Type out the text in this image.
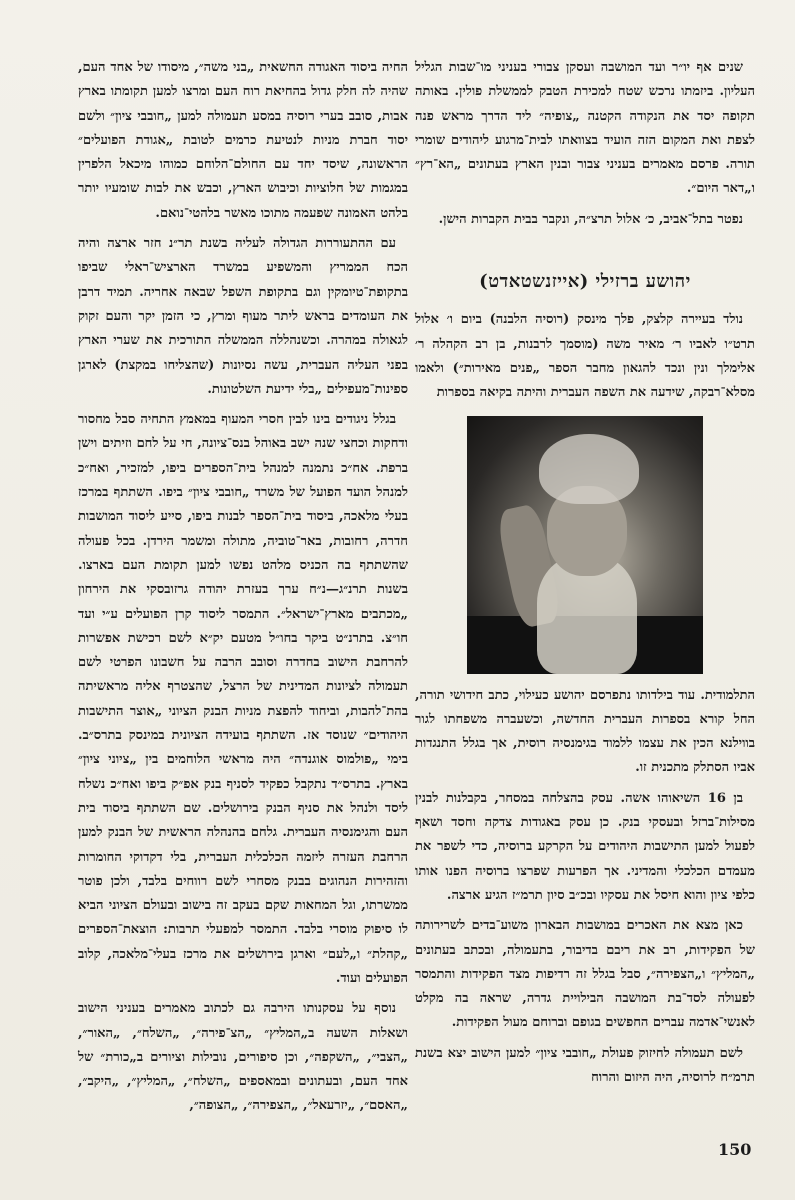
שנים אף יו״ר ועד המושבה ועסקן צבורי בעניני מו־שבות הגליל העליון. ביזמתו נרכש שטח למכירת הטבק לממשלת פולין. באותה תקופה יסד את הנקודה הקטנה „צופיה״ ליד הדרך מראש פנה לצפת ואת המקום הזה הועיד בצוואתו לבית־מרגוע ליהודים שומרי תורה. פרסם מאמרים בעניני צבור ובנין הארץ בעתונים „הא־רץ״ ו„דאר היום״.

נפטר בתל־אביב, כ׳ אלול תרצ״ה, ונקבר בבית הקברות הישן.

יהושע ברזילי (אייזנשטאדט)

נולד בעיירה קלצק, פלך מינסק (רוסיה הלבנה) ביום ו׳ אלול תרט״ו לאביו ר׳ מאיר משה (מוסמך לרבנות, בן רב הקהלה ר׳ אלימלך ונין ונכד להגאון מחבר הספר „פנים מאירות״) ולאמו מסלא־רבקה, שידעה את השפה העברית והיתה בקיאה בספרות

התלמודית. עוד בילדותו נתפרסם יהושע כעילוי, כתב חידושי תורה, החל קורא בספרות העברית החדשה, וכשעברה משפחתו לגור בווילנא הכין את עצמו ללמוד בגימנסיה רוסית, אך בגלל התנגדות אביו הסתלק מתכנית זו.

בן 16 השיאוהו אשה. עסק בהצלחה במסחר, בקבלנות לבנין מסילות־ברזל ובעסקי בנק. כן עסק באגודות צדקה וחסד ושאף לפעול למען התישבות היהודים על הקרקע ברוסיה, כדי לשפר את מעמדם הכלכלי והמדיני. אך הפרעות שפרצו ברוסיה הפנו אותו כלפי ציון והוא חיסל את עסקיו ובכ״ב סיון תרמ״ז הגיע ארצה.

כאן מצא את האכרים במושבות הבארון משוע־בדים לשרירותה של הפקידות, רב את ריבם בדיבור, בתעמולה, ובכתב בעתונים „המליץ״ ו„הצפירה״, סבל בגלל זה רדיפות מצד הפקידות והתמסר לפעולה לסד־בת המושבה הבילויית גדרה, שראה בה מקלט לאנשי־אדמה עברים החפשים בגופם וברוחם מעול הפקידות.

לשם תעמולה לחיזוק פעולת „חובבי ציון״ למען הישוב יצא בשנת תרמ״ח לרוסיה, היה היזום והרוח

החיה ביסוד האגודה החשאית „בני משה״, מיסודו של אחד העם, שהיה לה חלק גדול בהחיאת רוח העם ומרצו למען תקומתו בארץ אבות, סובב בערי רוסיה במסע תעמולה למען „חובבי ציון״ ולשם יסוד חברת מניות לנטיעת כרמים לטובת „אגודת הפועלים״ הראשונה, שיסד יחד עם החולם־הלוחם כמוהו מיכאל הלפרין במגמות של חלוציות וכיבוש הארץ, וכבש את לבות שומעיו יותר בלהט האמונה שפעמה מתוכו מאשר בלהטי־נואם.

עם ההתעוררות הגדולה לעליה בשנת תר״נ חזר ארצה והיה הכח הממריץ והמשפיע במשרד הארציש־ראלי שביפו בתקופת־טיומקין וגם בתקופת השפל שבאה אחריה. תמיד דרבן את העומדים בראש ליתר מעוף ומרץ, כי הזמן יקר והעם זקוק לגאולה במהרה. וכשנהללה הממשלה התורכית את שערי הארץ בפני העליה העברית, עשה נסיונות (שהצליחו במקצת) לארגן ספינות־מעפילים „בלי ידיעת השלטונות.

בגלל ניגודים בינו לבין חסרי המעוף במאמץ התחיה סבל מחסור ודחקות וכחצי שנה ישב באוהל בנס־ציונה, חי על לחם וזיתים וישן ברפת. אח״כ נתמנה למנהל בית־הספרים ביפו, למזכיר, ואח״כ למנהל הועד הפועל של משרד „חובבי ציון״ ביפו. השתתף במרכז בעלי מלאכה, ביסוד בית־הספר לבנות ביפו, סייע ליסוד המושבות חדרה, רחובות, באר־טוביה, מתולה ומשמר הירדן. בכל פעולה שהשתתף בה הכניס מלהט נפשו למען תקומת העם בארצו. בשנות תרנ״ג—נ״ח ערך בעזרת יהודה גרזובסקי את הירחון „מכתבים מארץ־ישראל״. התמסר ליסוד קרן הפועלים ע״י ועד חו״צ. בתרנ״ט ביקר בחו״ל מטעם יק״א לשם רכישת אפשרות להרחבת הישוב בחדרה וסובב הרבה על חשבונו הפרטי לשם תעמולה לציונות המדינית של הרצל, שהצטרף אליה מראשיתה בהת־להבות, וביחוד להפצת מניות הבנק הציוני „אוצר התישבות היהודים״ שנוסד אז. השתתף בועידה הציונית במינסק בתרס״ב. בימי „פולמוס אוגנדה״ היה מראשי הלוחמים בין „ציוני ציון״ בארץ. בתרס״ד נתקבל כפקיד לסניף בנק אפ״ק ביפו ואח״כ נשלח ליסד ולנהל את סניף הבנק בירושלים. שם השתתף ביסוד בית העם והגימנסיה העברית. גלחם בהנהלה הראשית של הבנק למען הרחבת העזרה ליזמה הכלכלית העברית, בלי דקדוקי החומרות והזהירות הנהוגים בבנק מסחרי לשם רווחים בלבד, ולכן פוטר ממשרתו, וגל המחאות שקם בעקב זה בישוב ובעולם הציוני הביא לו סיפוק מוסרי בלבד. התמסר למפעלי תרבות: הוצאת־הספרים „קהלת״ ו„לעם״ וארגן בירושלים את מרכז בעלי־מלאכה, קלוב הפועלים ועוד.

נוסף על עסקנותו הירבה גם לכתוב מאמרים בעניני הישוב ושאלות השעה ב„המליץ״ „הצ־פירה״, „השלח״, „האור״, „הצבי״, „השקפה״, וכן סיפורים, נובילות וציורים ב„כורת״ של אחד העם, ובעתונים ובמאספים „השלח״, „המליץ״, „היקב״, „האסם״, „יזרעאל״, „הצפירה״, „הצופה״,

150
